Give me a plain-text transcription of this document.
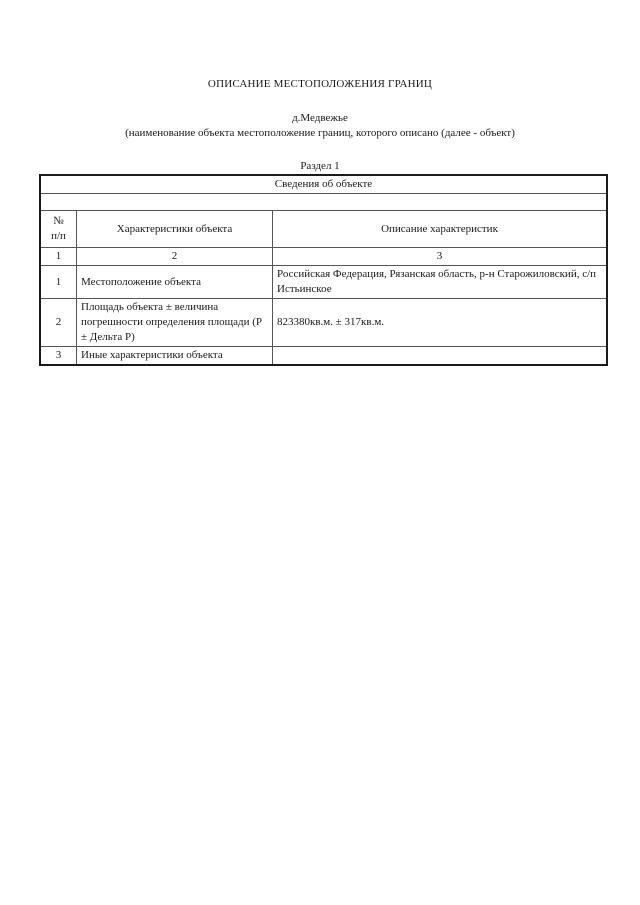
ОПИСАНИЕ МЕСТОПОЛОЖЕНИЯ ГРАНИЦ
д.Медвежье
(наименование объекта местоположение границ, которого описано (далее - объект)
Раздел 1
Сведения об объекте		

№
п/п	Характеристики объекта	Описание характеристик
1	2	3
1	Местоположение объекта	Российская Федерация, Рязанская область, р-н Старожиловский, с/п Истьинское
2	Площадь объекта ± величина погрешности определения площади (Р ± Дельта Р)	823380кв.м. ± 317кв.м.
3	Иные характеристики объекта	
